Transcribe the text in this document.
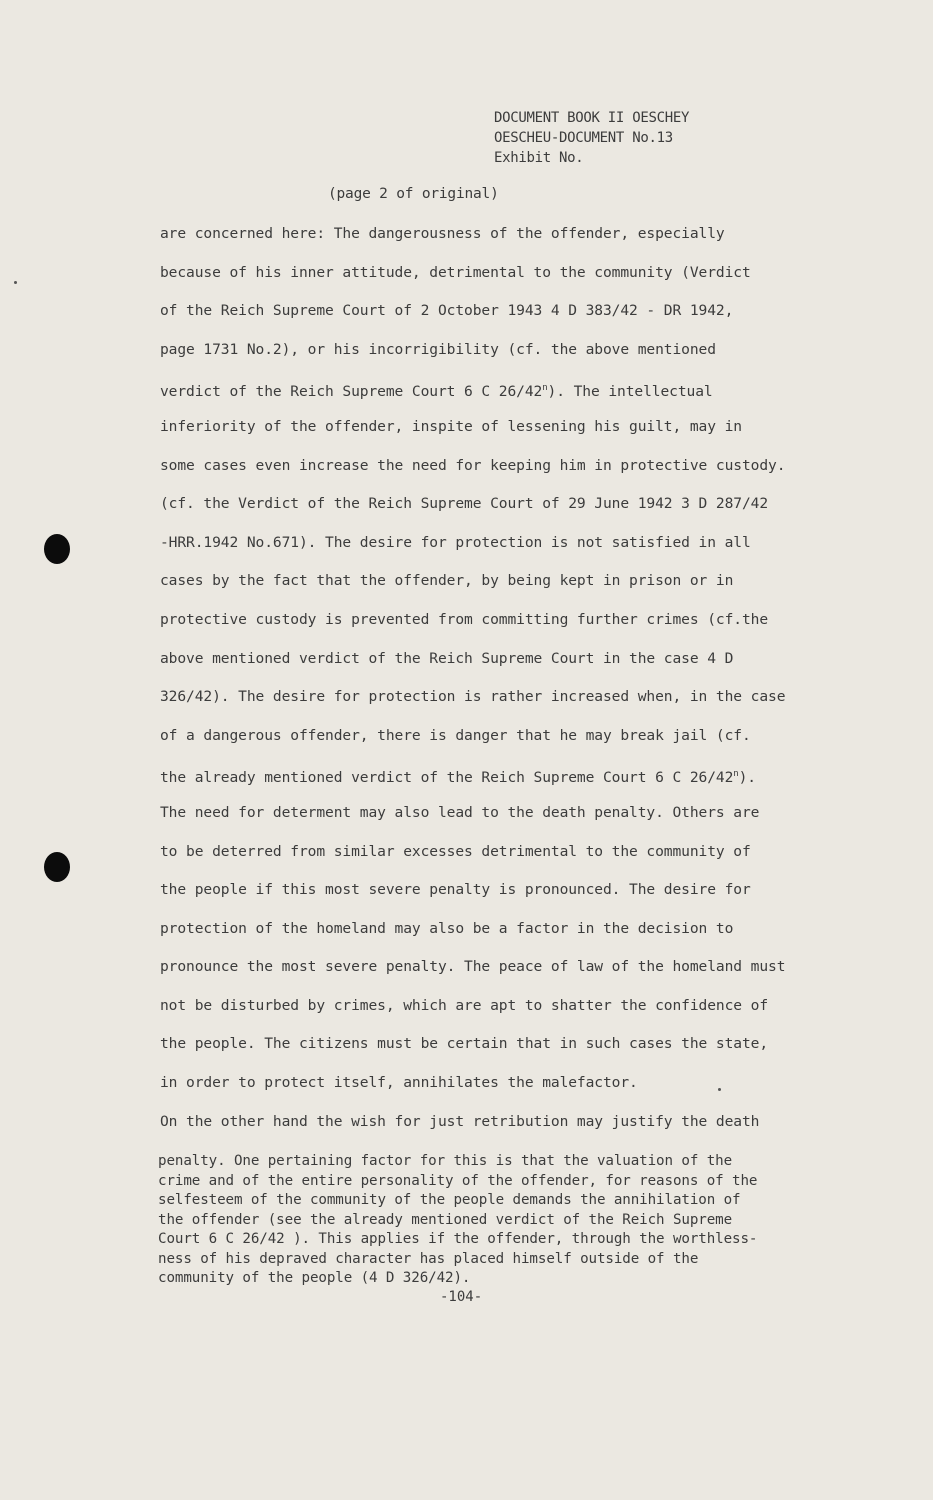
DOCUMENT BOOK II OESCHEY
OESCHEU-DOCUMENT No.13
Exhibit No.
(page 2 of original)
are concerned here: The dangerousness of the offender, especially
because of his inner attitude, detrimental to the community (Verdict
of the Reich Supreme Court of 2 October 1943 4 D 383/42 - DR 1942,
page 1731 No.2), or his incorrigibility (cf. the above mentioned
verdict of the Reich Supreme Court 6 C 26/42$^n$). The intellectual
inferiority of the offender, inspite of lessening his guilt, may in
some cases even increase the need for keeping him in protective custody.
(cf. the Verdict of the Reich Supreme Court of 29 June 1942 3 D 287/42
-HRR.1942 No.671). The desire for protection is not satisfied in all
cases by the fact that the offender, by being kept in prison or in
protective custody is prevented from committing further crimes (cf.the
above mentioned verdict of the Reich Supreme Court in the case 4 D
326/42). The desire for protection is rather increased when, in the case
of a dangerous offender, there is danger that he may break jail (cf.
the already mentioned verdict of the Reich Supreme Court 6 C 26/42$^n$).
The need for determent may also lead to the death penalty. Others are
to be deterred from similar excesses detrimental to the community of
the people if this most severe penalty is pronounced. The desire for
protection of the homeland may also be a factor in the decision to
pronounce the most severe penalty. The peace of law of the homeland must
not be disturbed by crimes, which are apt to shatter the confidence of
the people. The citizens must be certain that in such cases the state,
in order to protect itself, annihilates the malefactor.
On the other hand the wish for just retribution may justify the death
penalty. One pertaining factor for this is that the valuation of the
crime and of the entire personality of the offender, for reasons of the
selfesteem of the community of the people demands the annihilation of
the offender (see the already mentioned verdict of the Reich Supreme
Court 6 C 26/42 ). This applies if the offender, through the worthless-
ness of his depraved character has placed himself outside of the
community of the people (4 D 326/42).
-104-
